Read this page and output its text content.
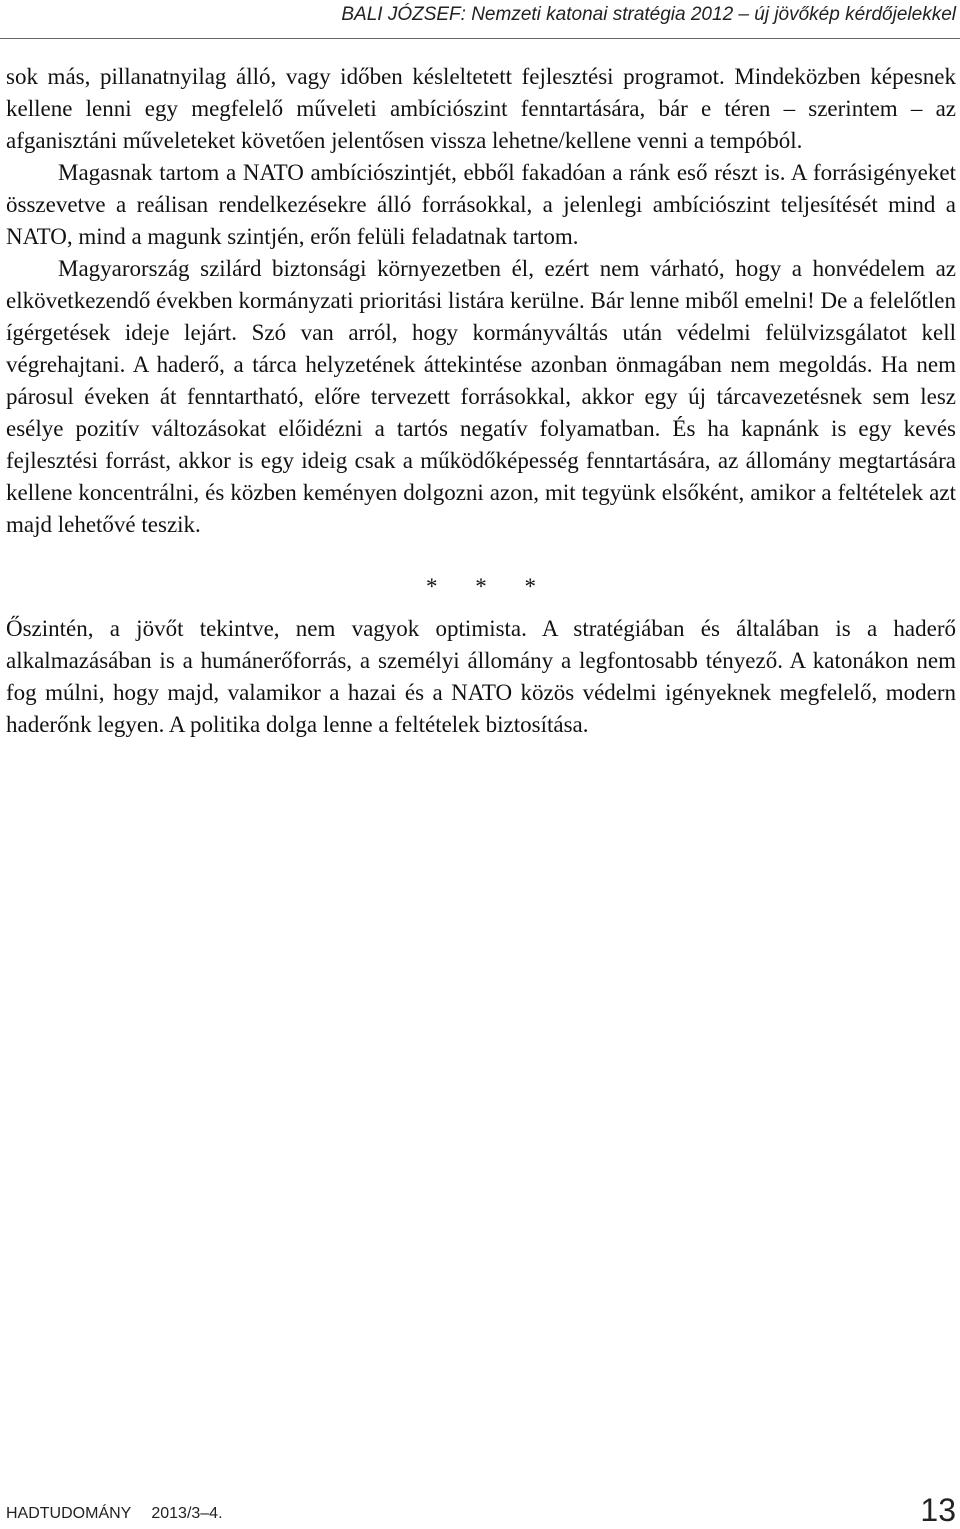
BALI JÓZSEF: Nemzeti katonai stratégia 2012 – új jövőkép kérdőjelekkel

sok más, pillanatnyilag álló, vagy időben késleltetett fejlesztési programot. Mindeközben képesnek kellene lenni egy megfelelő műveleti ambíciószint fenntartására, bár e téren – szerintem – az afganisztáni műveleteket követően jelentősen vissza lehetne/kellene venni a tempóból.

Magasnak tartom a NATO ambíciószintjét, ebből fakadóan a ránk eső részt is. A forrásigényeket összevetve a reálisan rendelkezésekre álló forrásokkal, a jelenlegi ambíciószint teljesítését mind a NATO, mind a magunk szintjén, erőn felüli feladatnak tartom.

Magyarország szilárd biztonsági környezetben él, ezért nem várható, hogy a honvédelem az elkövetkezendő években kormányzati prioritási listára kerülne. Bár lenne miből emelni! De a felelőtlen ígérgetések ideje lejárt. Szó van arról, hogy kormányváltás után védelmi felülvizsgálatot kell végrehajtani. A haderő, a tárca helyzetének áttekintése azonban önmagában nem megoldás. Ha nem párosul éveken át fenntartható, előre tervezett forrásokkal, akkor egy új tárcavezetésnek sem lesz esélye pozitív változásokat előidézni a tartós negatív folyamatban. És ha kapnánk is egy kevés fejlesztési forrást, akkor is egy ideig csak a működőképesség fenntartására, az állomány megtartására kellene koncentrálni, és közben keményen dolgozni azon, mit tegyünk elsőként, amikor a feltételek azt majd lehetővé teszik.

* * *

Őszintén, a jövőt tekintve, nem vagyok optimista. A stratégiában és általában is a haderő alkalmazásában is a humánerőforrás, a személyi állomány a legfontosabb tényező. A katonákon nem fog múlni, hogy majd, valamikor a hazai és a NATO közös védelmi igényeknek megfelelő, modern haderőnk legyen. A politika dolga lenne a feltételek biztosítása.

HADTUDOMÁNY 2013/3–4.	13
